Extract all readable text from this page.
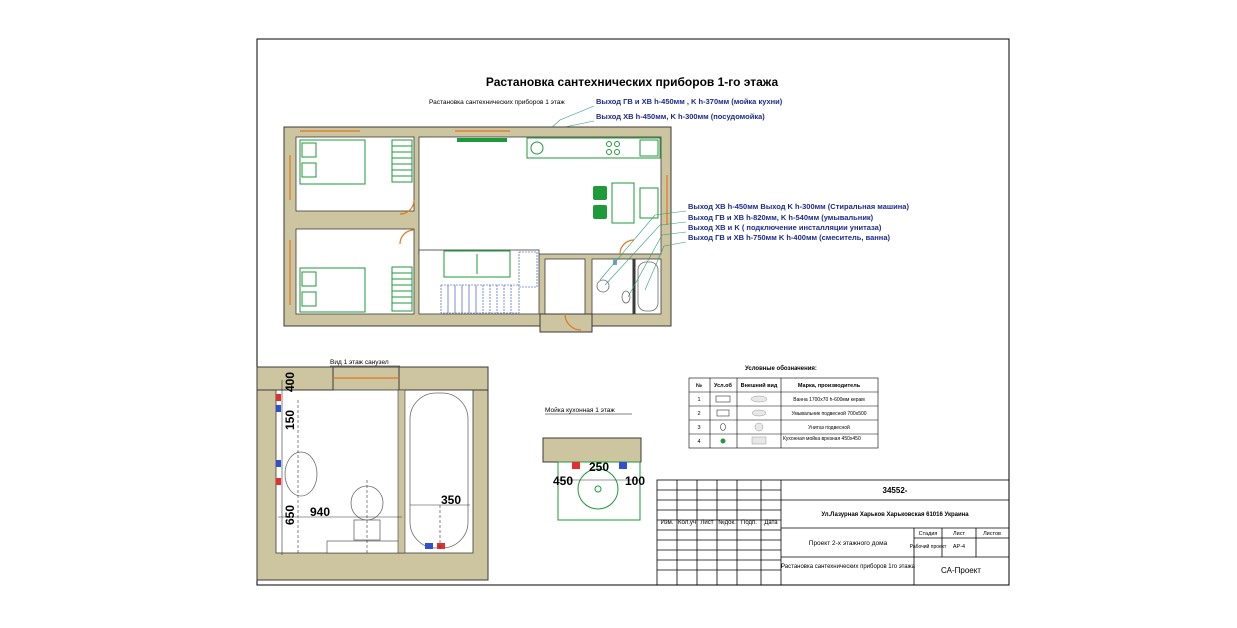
Растановка сантехнических приборов 1-го этажа
Растановка сантехнических приборов 1 этаж	Выход ГВ и ХВ h-450мм , K h-370мм (мойка кухни)
Выход ХВ h-450мм, K h-300мм (посудомойка)
Выход ХВ h-450мм Выход K h-300мм (Стиральная машина)
Выход ГВ и ХВ h-820мм, K h-540мм (умывальник)
Выход ХВ и K ( подключение инсталляции унитаза)
Выход ГВ и ХВ h-750мм K h-400мм (смеситель, ванна)
Вид 1 этаж санузел
400
150
650 940
350
Мойка кухонная 1 этаж
450
250
100
Условные обозначения:
№ Усл.об Внешний вид	Марка, производитель
1	Ванна 1700х70 h-600мм керам
2	Умывальник подвесной 700х500
3	Унитаз подвесной
4	Кухонная мойка врезная 450х450
Изм. Кол.уч Лист №док. Подп. Дата
34552-
Ул.Лазурная Харьков Харьковская 61016 Украина
Проект 2-х этажного дома
Стадия	Лист	Листов
Рабочий проект АР-4
Растановка сантехнических приборов 1го этажа	СА-Проект
